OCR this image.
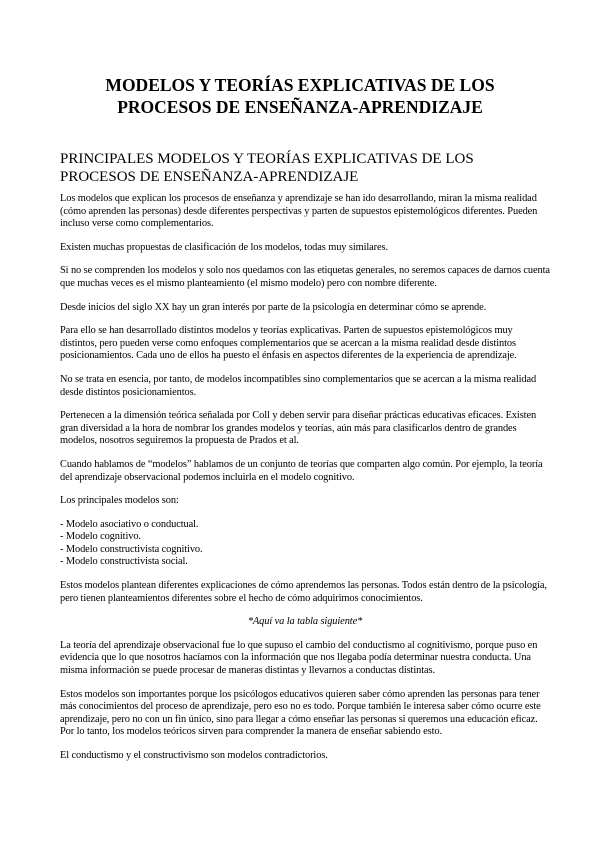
MODELOS Y TEORÍAS EXPLICATIVAS DE LOS PROCESOS DE ENSEÑANZA-APRENDIZAJE
PRINCIPALES MODELOS Y TEORÍAS EXPLICATIVAS DE LOS PROCESOS DE ENSEÑANZA-APRENDIZAJE

Los modelos que explican los procesos de enseñanza y aprendizaje se han ido desarrollando, miran la misma realidad (cómo aprenden las personas) desde diferentes perspectivas y parten de supuestos epistemológicos diferentes. Pueden incluso verse como complementarios.

Existen muchas propuestas de clasificación de los modelos, todas muy similares.

Si no se comprenden los modelos y solo nos quedamos con las etiquetas generales, no seremos capaces de darnos cuenta que muchas veces es el mismo planteamiento (el mismo modelo) pero con nombre diferente.

Desde inicios del siglo XX hay un gran interés por parte de la psicología en determinar cómo se aprende.

Para ello se han desarrollado distintos modelos y teorías explicativas. Parten de supuestos epistemológicos muy distintos, pero pueden verse como enfoques complementarios que se acercan a la misma realidad desde distintos posicionamientos. Cada uno de ellos ha puesto el énfasis en aspectos diferentes de la experiencia de aprendizaje.

No se trata en esencia, por tanto, de modelos incompatibles sino complementarios que se acercan a la misma realidad desde distintos posicionamientos.

Pertenecen a la dimensión teórica señalada por Coll y deben servir para diseñar prácticas educativas eficaces. Existen gran diversidad a la hora de nombrar los grandes modelos y teorías, aún más para clasificarlos dentro de grandes modelos, nosotros seguiremos la propuesta de Prados et al.

Cuando hablamos de “modelos” hablamos de un conjunto de teorías que comparten algo común. Por ejemplo, la teoría del aprendizaje observacional podemos incluirla en el modelo cognitivo.

Los principales modelos son:

- Modelo asociativo o conductual.
- Modelo cognitivo.
- Modelo constructivista cognitivo.
- Modelo constructivista social.

Estos modelos plantean diferentes explicaciones de cómo aprendemos las personas. Todos están dentro de la psicología, pero tienen planteamientos diferentes sobre el hecho de cómo adquirimos conocimientos.

*Aquí va la tabla siguiente*

La teoría del aprendizaje observacional fue lo que supuso el cambio del conductismo al cognitivismo, porque puso en evidencia que lo que nosotros hacíamos con la información que nos llegaba podía determinar nuestra conducta. Una misma información se puede procesar de maneras distintas y llevarnos a conductas distintas.

Estos modelos son importantes porque los psicólogos educativos quieren saber cómo aprenden las personas para tener más conocimientos del proceso de aprendizaje, pero eso no es todo. Porque también le interesa saber cómo ocurre este aprendizaje, pero no con un fin único, sino para llegar a cómo enseñar las personas si queremos una educación eficaz. Por lo tanto, los modelos teóricos sirven para comprender la manera de enseñar sabiendo esto.

El conductismo y el constructivismo son modelos contradictorios.
